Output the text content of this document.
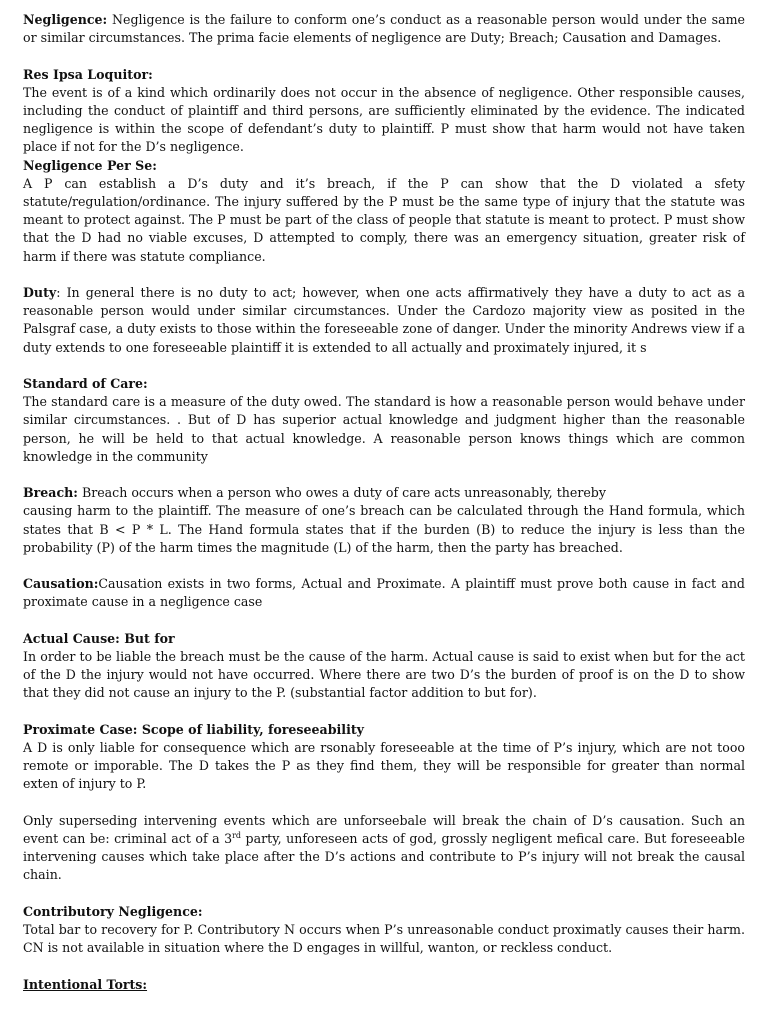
Negligence: Negligence is the failure to conform one’s conduct as a reasonable person would under the same or similar circumstances. The prima facie elements of negligence are Duty; Breach; Causation and Damages.

Res Ipsa Loquitor:

The event is of a kind which ordinarily does not occur in the absence of negligence. Other responsible causes, including the conduct of plaintiff and third persons, are sufficiently eliminated by the evidence. The indicated negligence is within the scope of defendant’s duty to plaintiff. P must show that harm would not have taken place if not for the D’s negligence.

Negligence Per Se:

A P can establish a D’s duty and it’s breach, if the P can show that the D violated a sfety statute/regulation/ordinance. The injury suffered by the P must be the same type of injury that the statute was meant to protect against. The P must be part of the class of people that statute is meant to protect. P must show that the D had no viable excuses, D attempted to comply, there was an emergency situation, greater risk of harm if there was statute compliance.

Duty: In general there is no duty to act; however, when one acts affirmatively they have a duty to act as a reasonable person would under similar circumstances. Under the Cardozo majority view as posited in the Palsgraf case, a duty exists to those within the foreseeable zone of danger. Under the minority Andrews view if a duty extends to one foreseeable plaintiff it is extended to all actually and proximately injured, it s

Standard of Care:

The standard care is a measure of the duty owed. The standard is how a reasonable person would behave under similar circumstances. . But of D has superior actual knowledge and judgment higher than the reasonable person, he will be held to that actual knowledge. A reasonable person knows things which are common knowledge in the community

Breach: Breach occurs when a person who owes a duty of care acts unreasonably, thereby

causing harm to the plaintiff. The measure of one’s breach can be calculated through the Hand formula, which states that B < P * L. The Hand formula states that if the burden (B) to reduce the injury is less than the probability (P) of the harm times the magnitude (L) of the harm, then the party has breached.

Causation:Causation exists in two forms, Actual and Proximate. A plaintiff must prove both cause in fact and proximate cause in a negligence case

Actual Cause: But for

In order to be liable the breach must be the cause of the harm. Actual cause is said to exist when but for the act of the D the injury would not have occurred. Where there are two D’s the burden of proof is on the D to show that they did not cause an injury to the P. (substantial factor addition to but for).

Proximate Case: Scope of liability, foreseeability

A D is only liable for consequence which are rsonably foreseeable at the time of P’s injury, which are not tooo remote or imporable. The D takes the P as they find them, they will be responsible for greater than normal exten of injury to P.

Only superseding intervening events which are unforseebale will break the chain of D’s causation. Such an event can be: criminal act of a 3rd party, unforeseen acts of god, grossly negligent mefical care. But foreseeable intervening causes which take place after the D’s actions and contribute to P’s injury will not break the causal chain.

Contributory Negligence:

Total bar to recovery for P. Contributory N occurs when P’s unreasonable conduct proximatly causes their harm. CN is not available in situation where the D engages in willful, wanton, or reckless conduct.

Intentional Torts:
